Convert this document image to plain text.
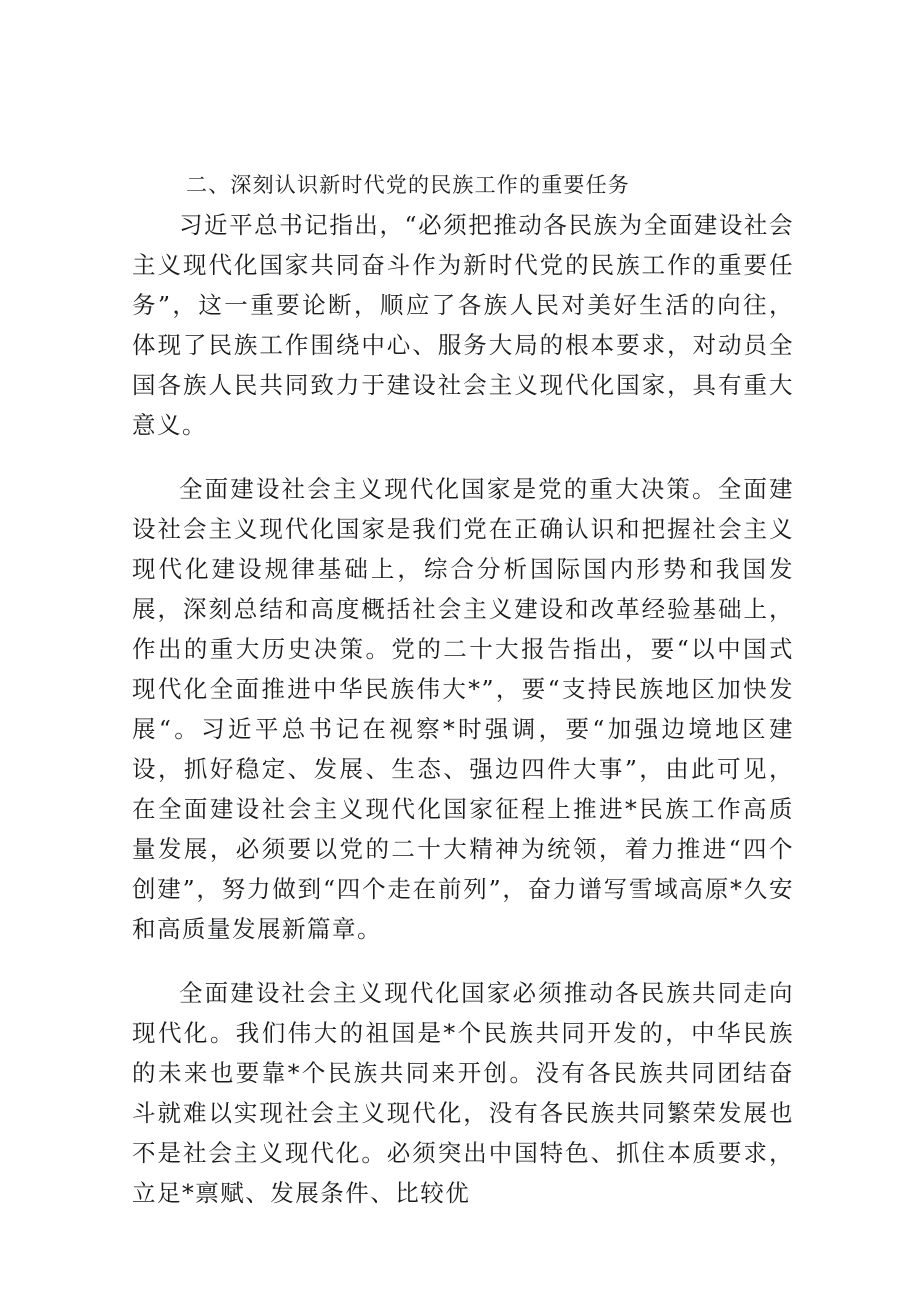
二、深刻认识新时代党的民族工作的重要任务

习近平总书记指出，“必须把推动各民族为全面建设社会主义现代化国家共同奋斗作为新时代党的民族工作的重要任务”，这一重要论断，顺应了各族人民对美好生活的向往，体现了民族工作围绕中心、服务大局的根本要求，对动员全国各族人民共同致力于建设社会主义现代化国家，具有重大意义。

全面建设社会主义现代化国家是党的重大决策。全面建设社会主义现代化国家是我们党在正确认识和把握社会主义现代化建设规律基础上，综合分析国际国内形势和我国发展，深刻总结和高度概括社会主义建设和改革经验基础上，作出的重大历史决策。党的二十大报告指出，要“以中国式现代化全面推进中华民族伟大*”，要“支持民族地区加快发展“。习近平总书记在视察*时强调，要“加强边境地区建设，抓好稳定、发展、生态、强边四件大事”，由此可见，在全面建设社会主义现代化国家征程上推进*民族工作高质量发展，必须要以党的二十大精神为统领，着力推进“四个创建”，努力做到“四个走在前列”，奋力谱写雪域高原*久安和高质量发展新篇章。

全面建设社会主义现代化国家必须推动各民族共同走向现代化。我们伟大的祖国是*个民族共同开发的，中华民族的未来也要靠*个民族共同来开创。没有各民族共同团结奋斗就难以实现社会主义现代化，没有各民族共同繁荣发展也不是社会主义现代化。必须突出中国特色、抓住本质要求，立足*禀赋、发展条件、比较优
